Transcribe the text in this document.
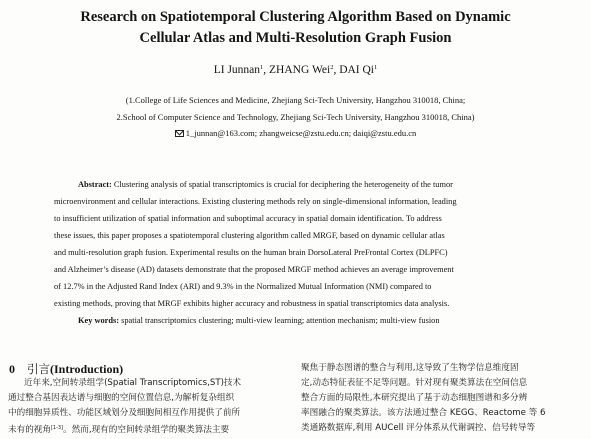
Research on Spatiotemporal Clustering Algorithm Based on Dynamic
Cellular Atlas and Multi-Resolution Graph Fusion
LI Junnan$^1$, ZHANG Wei$^2$, DAI Qi$^1$
(1.College of Life Sciences and Medicine, Zhejiang Sci-Tech University, Hangzhou 310018, China;
2.School of Computer Science and Technology, Zhejiang Sci-Tech University, Hangzhou 310018, China)
1_junnan@163.com; zhangweicse@zstu.edu.cn; daiqi@zstu.edu.cn
Abstract: Clustering analysis of spatial transcriptomics is crucial for deciphering the heterogeneity of the tumor
microenvironment and cellular interactions. Existing clustering methods rely on single-dimensional information, leading
to insufficient utilization of spatial information and suboptimal accuracy in spatial domain identification. To address
these issues, this paper proposes a spatiotemporal clustering algorithm called MRGF, based on dynamic cellular atlas
and multi-resolution graph fusion. Experimental results on the human brain DorsoLateral PreFrontal Cortex (DLPFC)
and Alzheimer’s disease (AD) datasets demonstrate that the proposed MRGF method achieves an average improvement
of 12.7% in the Adjusted Rand Index (ARI) and 9.3% in the Normalized Mutual Information (NMI) compared to
existing methods, proving that MRGF exhibits higher accuracy and robustness in spatial transcriptomics data analysis.
Key words: spatial transcriptomics clustering; multi-view learning; attention mechanism; multi-view fusion
0 引言(Introduction)
近年来,空间转录组学(Spatial Transcriptomics,ST)技术
通过整合基因表达谱与细胞的空间位置信息,为解析复杂组织
中的细胞异质性、功能区域划分及细胞间相互作用提供了前所
未有的视角[1-3]。然而,现有的空间转录组学的聚类算法主要
聚焦于静态图谱的整合与利用,这导致了生物学信息维度固
定,动态特征表征不足等问题。针对现有聚类算法在空间信息
整合方面的局限性,本研究提出了基于动态细胞图谱和多分辨
率图融合的聚类算法。该方法通过整合 KEGG、Reactome 等 6
类通路数据库,利用 AUCell 评分体系从代谢调控、信号转导等
